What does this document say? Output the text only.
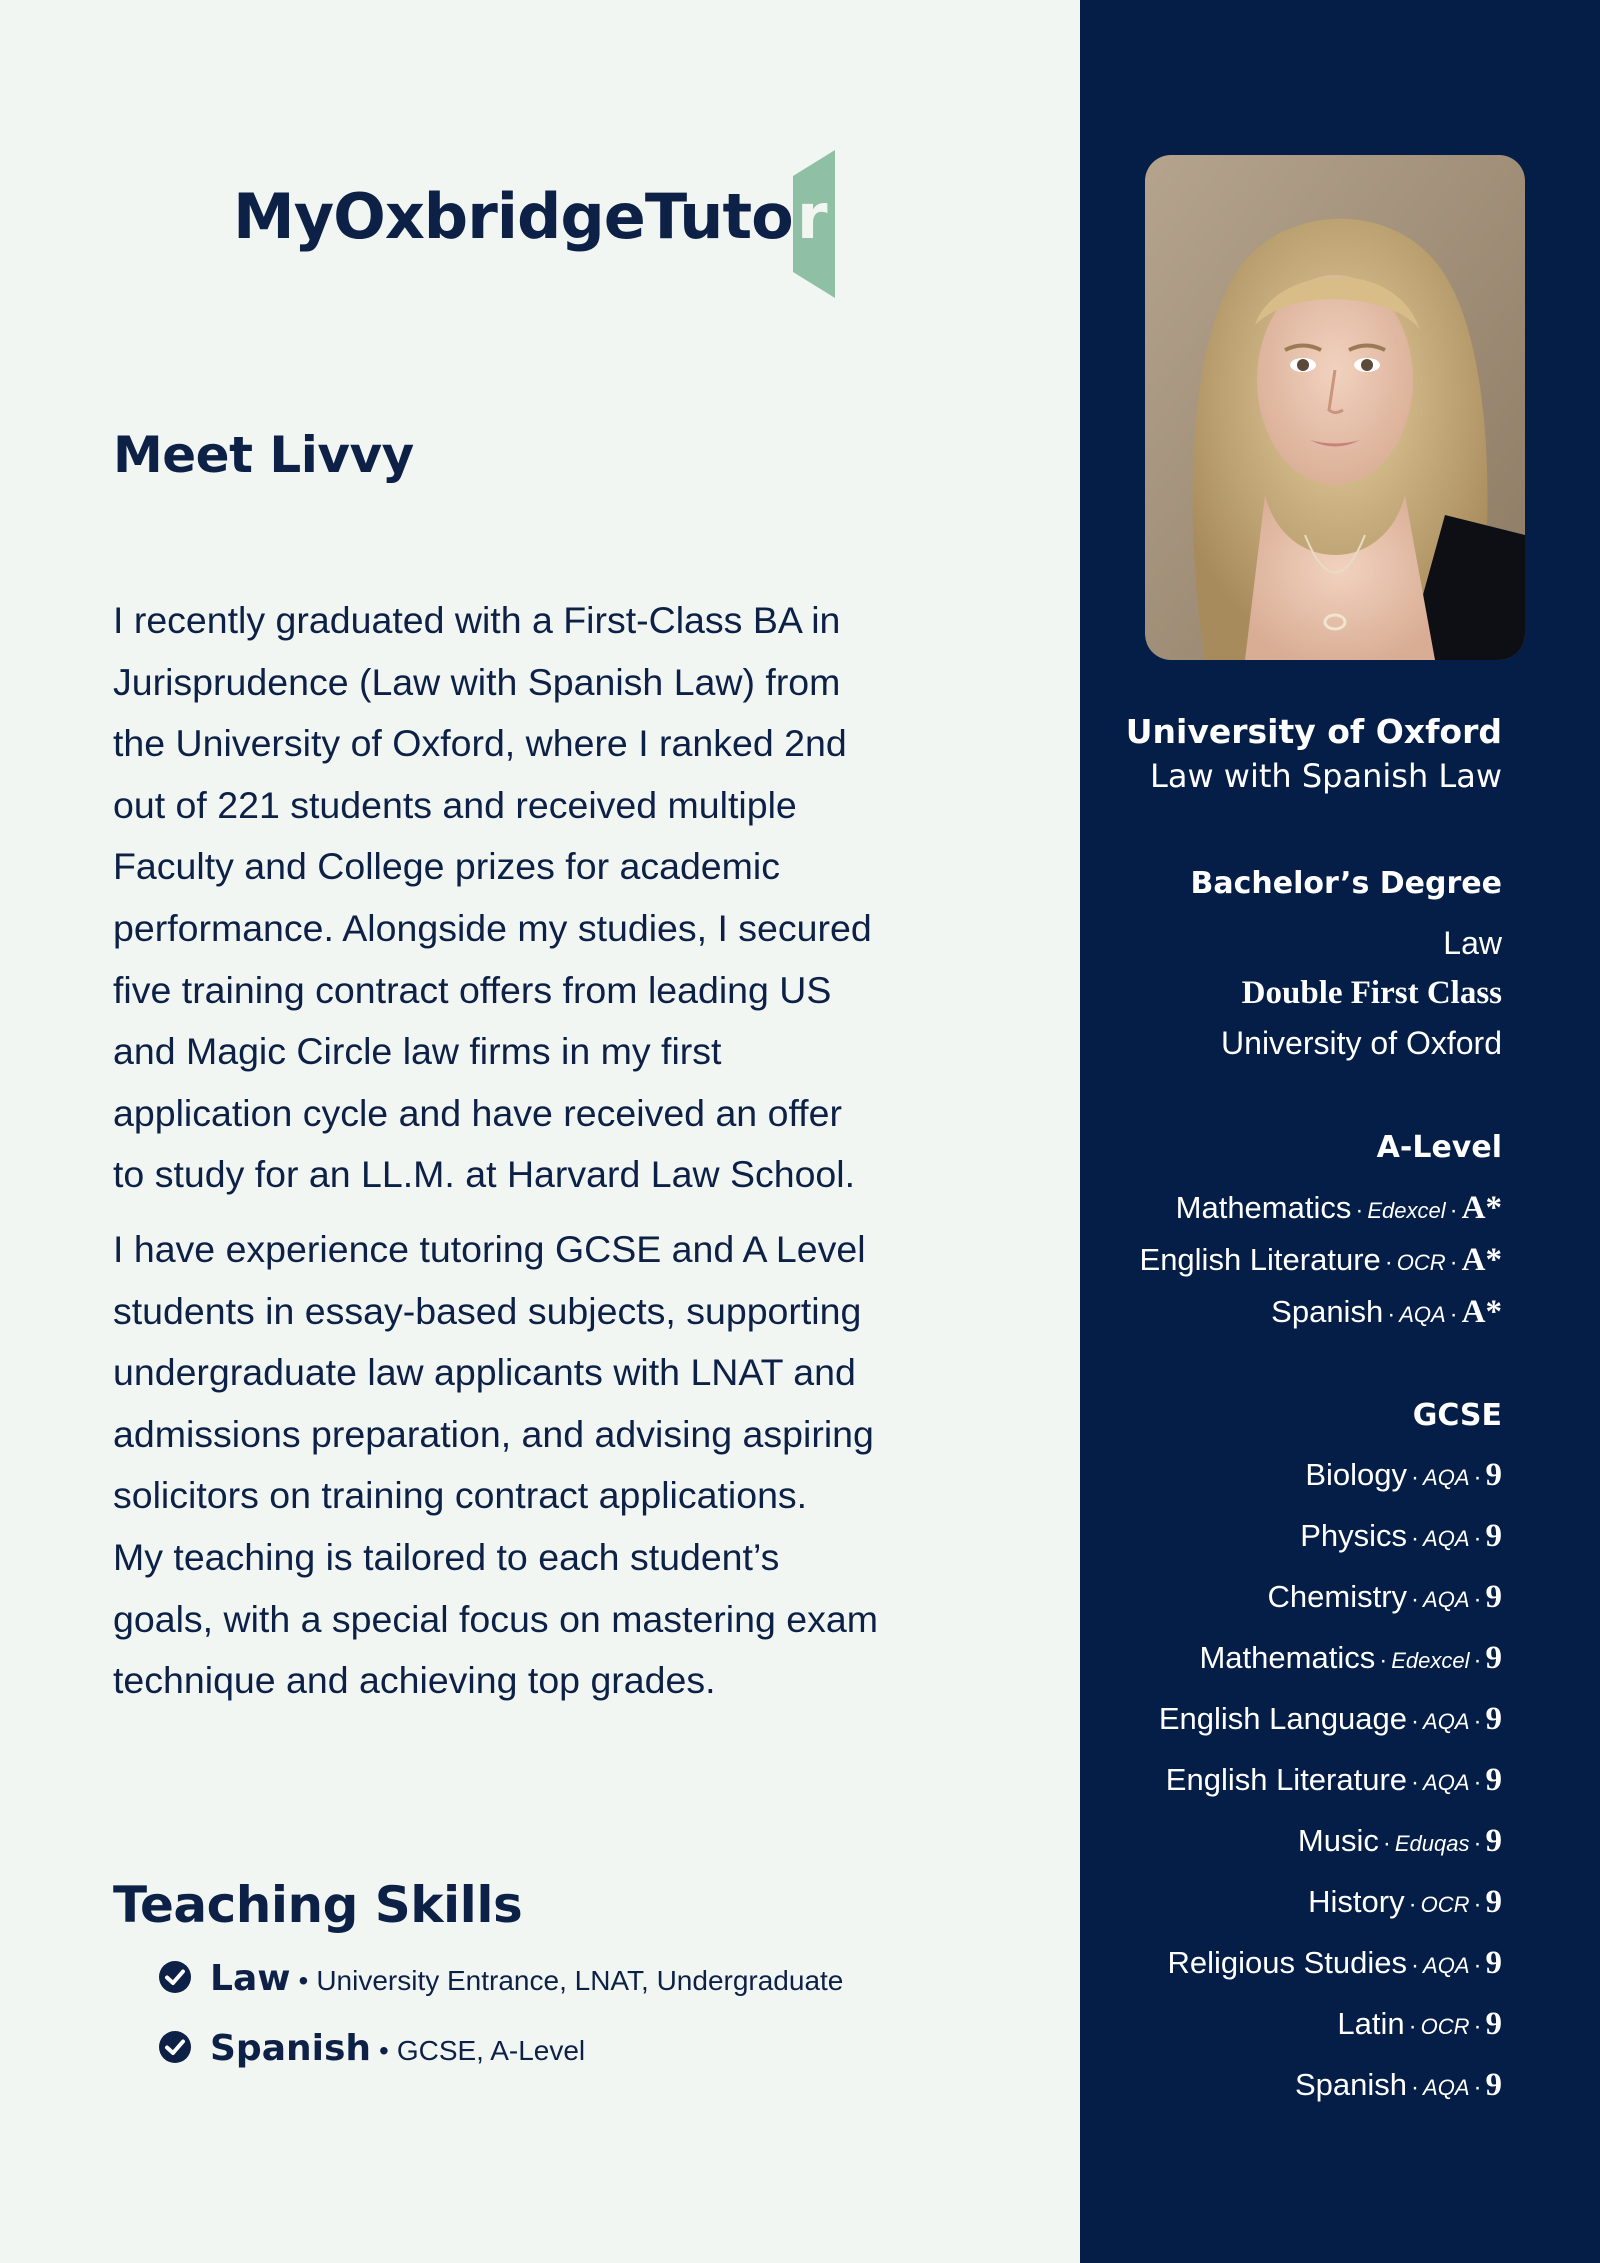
MyOxbridgeTuto r
Meet Livvy
I recently graduated with a First-Class BA in
Jurisprudence (Law with Spanish Law) from
the University of Oxford, where I ranked 2nd
out of 221 students and received multiple
Faculty and College prizes for academic
performance. Alongside my studies, I secured
five training contract offers from leading US
and Magic Circle law firms in my first
application cycle and have received an offer
to study for an LL.M. at Harvard Law School.
I have experience tutoring GCSE and A Level
students in essay-based subjects, supporting
undergraduate law applicants with LNAT and
admissions preparation, and advising aspiring
solicitors on training contract applications.
My teaching is tailored to each student’s
goals, with a special focus on mastering exam
technique and achieving top grades.
Teaching Skills
Law • University Entrance, LNAT, Undergraduate
Spanish • GCSE, A-Level
University of Oxford
Law with Spanish Law
Bachelor’s Degree
Law
Double First Class
University of Oxford
A-Level
Mathematics · Edexcel · A*
English Literature · OCR · A*
Spanish · AQA · A*
GCSE
Biology · AQA · 9
Physics · AQA · 9
Chemistry · AQA · 9
Mathematics · Edexcel · 9
English Language · AQA · 9
English Literature · AQA · 9
Music · Eduqas · 9
History · OCR · 9
Religious Studies · AQA · 9
Latin · OCR · 9
Spanish · AQA · 9
